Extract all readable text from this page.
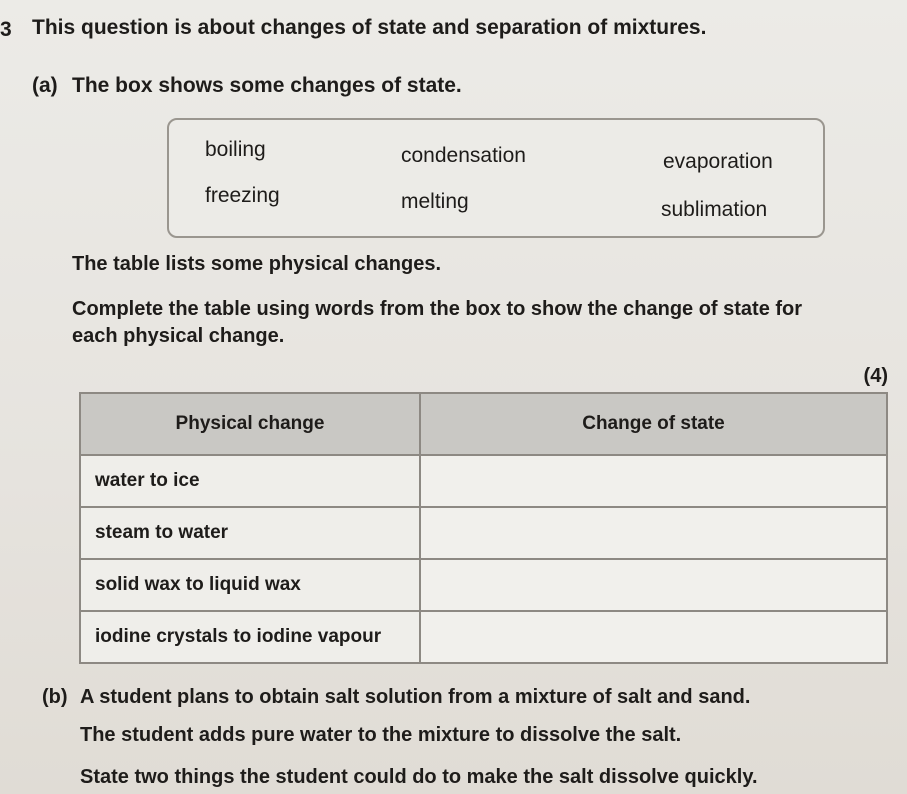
3 This question is about changes of state and separation of mixtures.
(a) The box shows some changes of state.
boiling	condensation	evaporation
freezing	melting	sublimation
The table lists some physical changes.
Complete the table using words from the box to show the change of state for
each physical change.
(4)
Physical change	Change of state
water to ice	
steam to water	
solid wax to liquid wax	
iodine crystals to iodine vapour	
(b) A student plans to obtain salt solution from a mixture of salt and sand.
The student adds pure water to the mixture to dissolve the salt.
State two things the student could do to make the salt dissolve quickly.
